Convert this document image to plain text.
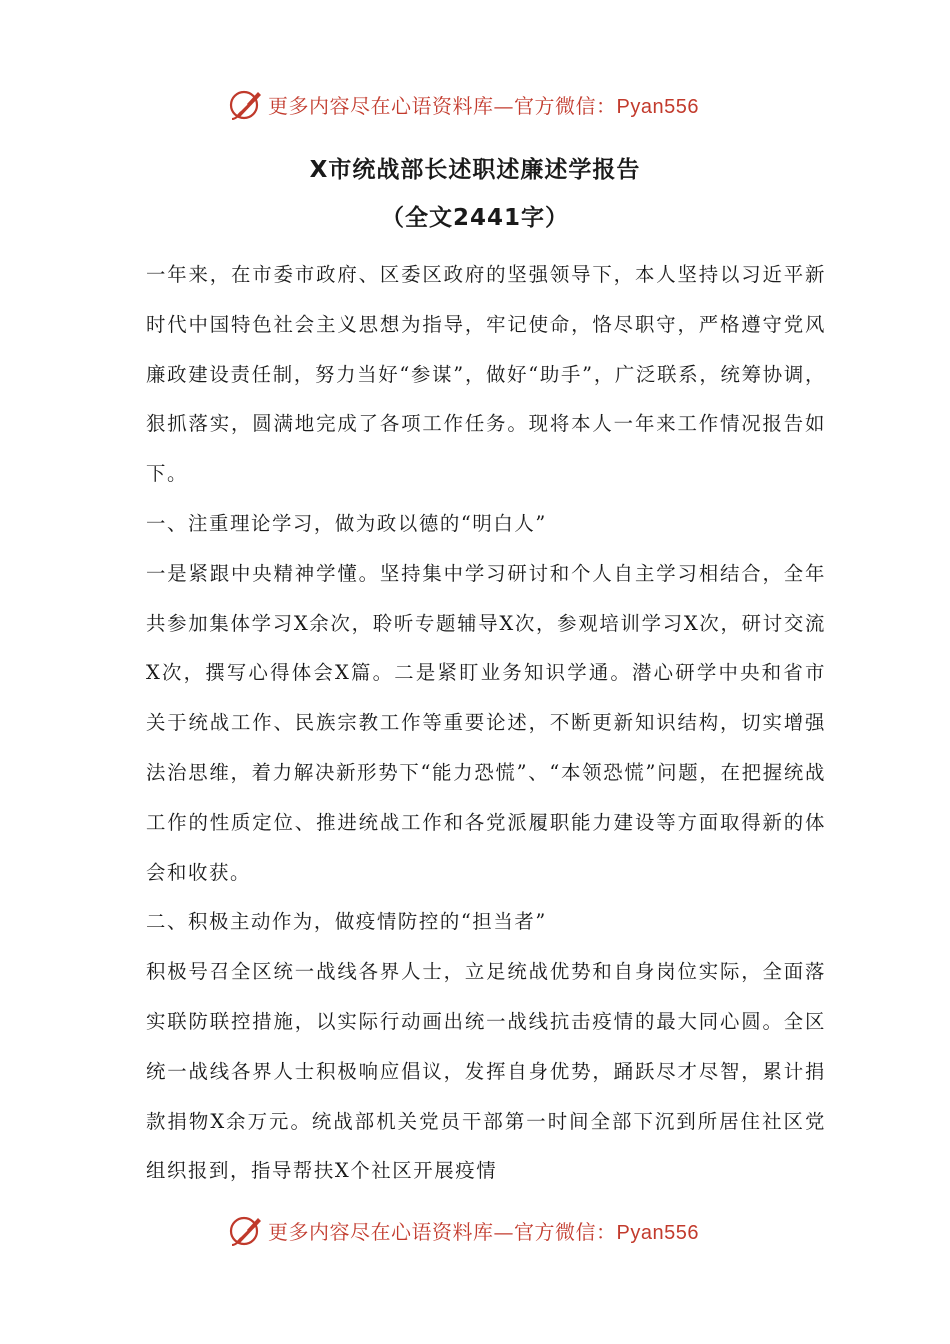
更多内容尽在心语资料库—官方微信：Pyan556
X市统战部长述职述廉述学报告
（全文2441字）

一年来，在市委市政府、区委区政府的坚强领导下，本人坚持以习近平新时代中国特色社会主义思想为指导，牢记使命，恪尽职守，严格遵守党风廉政建设责任制，努力当好“参谋”，做好“助手”，广泛联系，统筹协调，狠抓落实，圆满地完成了各项工作任务。现将本人一年来工作情况报告如下。

一、注重理论学习，做为政以德的“明白人”

一是紧跟中央精神学懂。坚持集中学习研讨和个人自主学习相结合，全年共参加集体学习X余次，聆听专题辅导X次，参观培训学习X次，研讨交流X次，撰写心得体会X篇。二是紧盯业务知识学通。潜心研学中央和省市关于统战工作、民族宗教工作等重要论述，不断更新知识结构，切实增强法治思维，着力解决新形势下“能力恐慌”、“本领恐慌”问题，在把握统战工作的性质定位、推进统战工作和各党派履职能力建设等方面取得新的体会和收获。

二、积极主动作为，做疫情防控的“担当者”

积极号召全区统一战线各界人士，立足统战优势和自身岗位实际，全面落实联防联控措施，以实际行动画出统一战线抗击疫情的最大同心圆。全区统一战线各界人士积极响应倡议，发挥自身优势，踊跃尽才尽智，累计捐款捐物X余万元。统战部机关党员干部第一时间全部下沉到所居住社区党组织报到，指导帮扶X个社区开展疫情

更多内容尽在心语资料库—官方微信：Pyan556
